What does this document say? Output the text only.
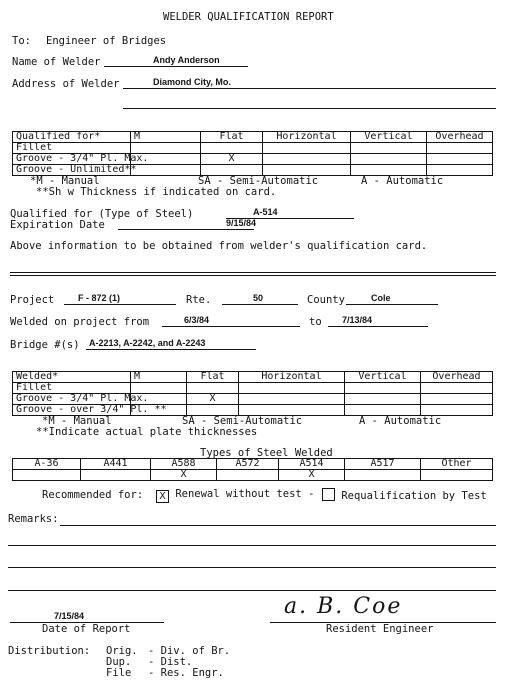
WELDER QUALIFICATION REPORT
To: Engineer of Bridges
Name of Welder	Andy Anderson
Address of Welder	Diamond City, Mo.
Qualified for*	M	Flat	Horizontal	Vertical	Overhead
Fillet					
Groove - 3/4" Pl. Max.		X			
Groove - Unlimited**					
*M - Manual	SA - Semi-Automatic	A - Automatic
**Sh w Thickness if indicated on card.
Qualified for (Type of Steel)	A-514
Expiration Date	9/15/84
Above information to be obtained from welder's qualification card.
Project	F - 872 (1)	Rte.	50	County	Cole
Welded on project from	6/3/84	to 7/13/84
Bridge #(s) A-2213, A-2242, and A-2243
Welded*	M	Flat	Horizontal	Vertical	Overhead
Fillet					
Groove - 3/4" Pl. Max.		X			
Groove - over 3/4" Pl. **					
*M - Manual	SA - Semi-Automatic	A - Automatic
**Indicate actual plate thicknesses
Types of Steel Welded
A-36	A441	A588	A572	A514	A517	Other
		X		X		
Recommended for:	X Renewal without test -	Requalification by Test
Remarks:
7/15/84
Date of Report
a. B. Coe
Resident Engineer
Distribution: Orig. - Div. of Br.
Dup. - Dist.
File - Res. Engr.
